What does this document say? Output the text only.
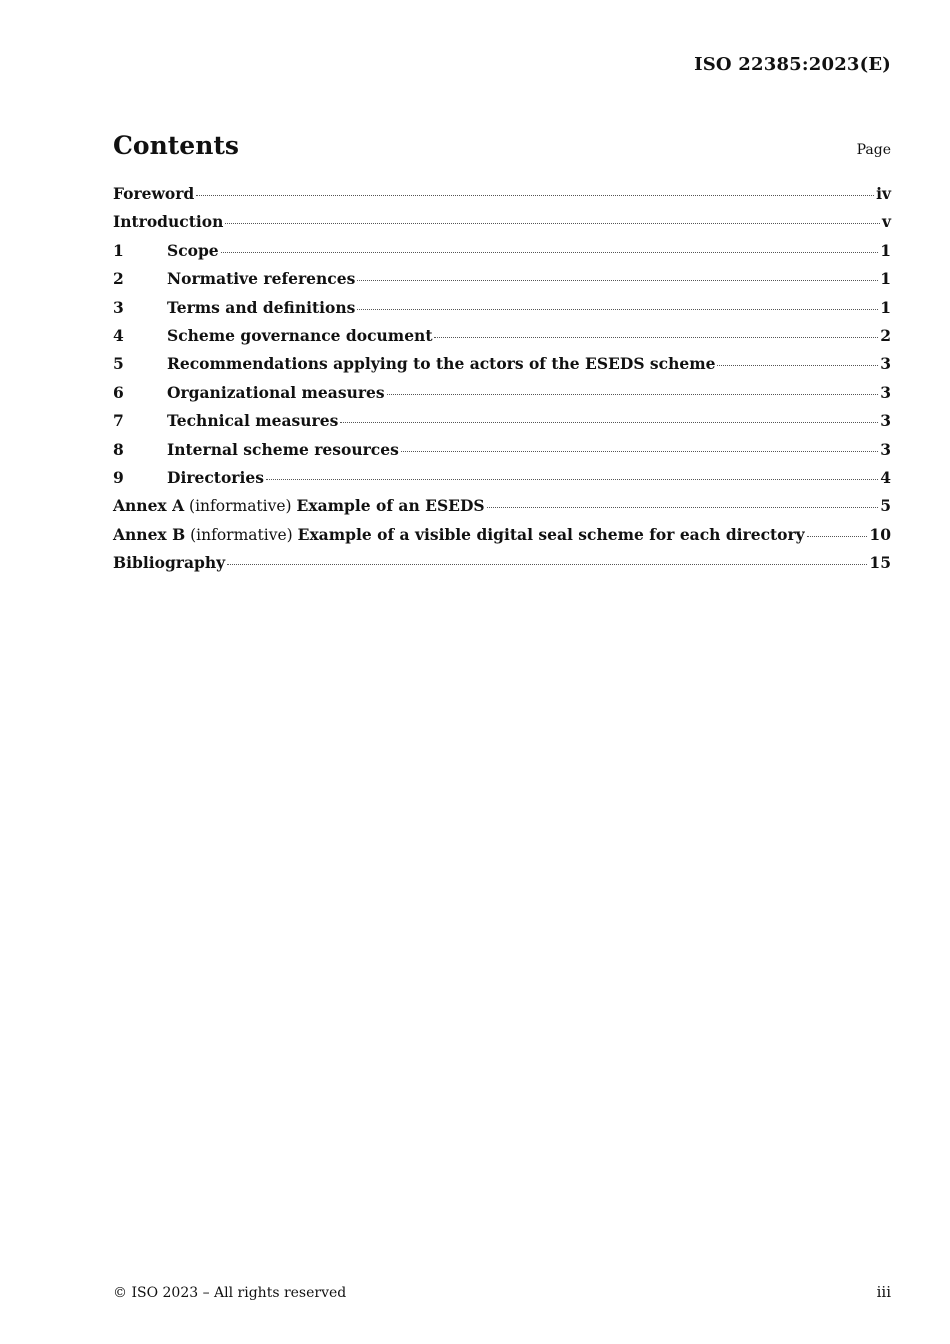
ISO 22385:2023(E)
Contents	Page
Foreword	iv
Introduction	v
1	Scope	1
2	Normative references	1
3	Terms and definitions	1
4	Scheme governance document	2
5	Recommendations applying to the actors of the ESEDS scheme	3
6	Organizational measures	3
7	Technical measures	3
8	Internal scheme resources	3
9	Directories	4
Annex A (informative) Example of an ESEDS	5
Annex B (informative) Example of a visible digital seal scheme for each directory	10
Bibliography	15
© ISO 2023 – All rights reserved	iii
